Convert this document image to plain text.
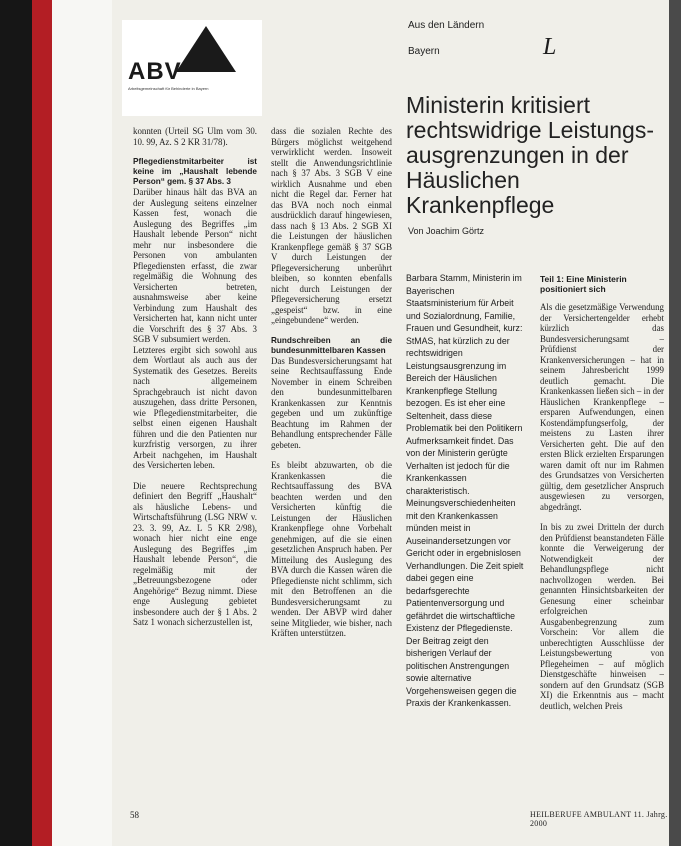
ABV
Arbeitsgemeinschaft für Behinderte in Bayern

konnten (Urteil SG Ulm vom 30. 10. 99, Az. S 2 KR 31/78).

Pflegedienstmitarbeiter ist keine im „Haushalt lebende Person“ gem. § 37 Abs. 3

Darüber hinaus hält das BVA an der Auslegung seitens einzelner Kassen fest, wonach die Auslegung des Begriffes „im Haushalt lebende Person“ nicht mehr nur insbesondere die Personen von ambulanten Pflegediensten erfasst, die zwar regelmäßig die Wohnung des Versicherten betreten, ausnahmsweise aber keine Verbindung zum Haushalt des Versicherten hat, kann nicht unter die Vorschrift des § 37 Abs. 3 SGB V subsumiert werden.

Letzteres ergibt sich sowohl aus dem Wortlaut als auch aus der Systematik des Gesetzes. Bereits nach allgemeinem Sprachgebrauch ist nicht davon auszugehen, dass dritte Personen, wie Pflegedienstmitarbeiter, die selbst einen eigenen Haushalt führen und die den Patienten nur kurzfristig versorgen, zu ihrer Arbeit nachgehen, im Haushalt des Versicherten leben.

Die neuere Rechtsprechung definiert den Begriff „Haushalt“ als häusliche Lebens- und Wirtschaftsführung (LSG NRW v. 23. 3. 99, Az. L 5 KR 2/98), wonach hier nicht eine enge Auslegung des Begriffes „im Haushalt lebende Person“, die regelmäßig mit der „Betreuungsbezogene oder Angehörige“ Bezug nimmt. Diese enge Auslegung gebietet insbesondere auch der § 1 Abs. 2 Satz 1 wonach sicherzustellen ist,

dass die sozialen Rechte des Bürgers möglichst weitgehend verwirklicht werden. Insoweit stellt die Anwendungsrichtlinie nach § 37 Abs. 3 SGB V eine wirklich Ausnahme und eben nicht die Regel dar. Ferner hat das BVA noch noch einmal ausdrücklich darauf hingewiesen, dass nach § 13 Abs. 2 SGB XI die Leistungen der häuslichen Krankenpflege gemäß § 37 SGB V durch Leistungen der Pflegeversicherung unberührt bleiben, so konnten ebenfalls nicht durch Leistungen der Pflegeversicherung ersetzt „gespeist“ bzw. in eine „eingebundene“ werden.

Rundschreiben an die bundesunmittelbaren Kassen

Das Bundesversicherungsamt hat seine Rechtsauffassung Ende November in einem Schreiben den bundesunmittelbaren Krankenkassen zur Kenntnis gegeben und um zukünftige Beachtung im Rahmen der Behandlung entsprechender Fälle gebeten.

Es bleibt abzuwarten, ob die Krankenkassen die Rechtsauffassung des BVA beachten werden und den Versicherten künftig die Leistungen der Häuslichen Krankenpflege ohne Vorbehalt genehmigen, auf die sie einen gesetzlichen Anspruch haben. Per Mitteilung des Auslegung des BVA durch die Kassen wären die Pflegedienste nicht schlimm, sich mit den Betroffenen an die Bundesversicherungsamt zu wenden. Der ABVP wird daher seine Mitglieder, wie bisher, nach Kräften unterstützen.

Aus den Ländern
Bayern	L
Ministerin kritisiert rechtswidrige Leistungs-ausgrenzungen in der Häuslichen Krankenpflege
Von Joachim Görtz

Barbara Stamm, Ministerin im Bayerischen Staatsministerium für Arbeit und Sozialordnung, Familie, Frauen und Gesundheit, kurz: StMAS, hat kürzlich zu der rechtswidrigen Leistungsausgrenzung im Bereich der Häuslichen Krankenpflege Stellung bezogen. Es ist eher eine Seltenheit, dass diese Problematik bei den Politikern Aufmerksamkeit findet. Das von der Ministerin gerügte Verhalten ist jedoch für die Krankenkassen charakteristisch. Meinungsverschiedenheiten mit den Krankenkassen münden meist in Auseinandersetzungen vor Gericht oder in ergebnislosen Verhandlungen. Die Zeit spielt dabei gegen eine bedarfsgerechte Patientenversorgung und gefährdet die wirtschaftliche Existenz der Pflegedienste. Der Beitrag zeigt den bisherigen Verlauf der politischen Anstrengungen sowie alternative Vorgehensweisen gegen die Praxis der Krankenkassen.

Teil 1: Eine Ministerin positioniert sich

Als die gesetzmäßige Verwendung der Versichertengelder erhebt kürzlich das Bundesversicherungsamt – Prüfdienst der Krankenversicherungen – hat in seinem Jahresbericht 1999 deutlich gemacht. Die Krankenkassen ließen sich – in der Häuslichen Krankenpflege – ersparen Aufwendungen, einen Kostendämpfungserfolg, der meistens zu Lasten ihrer Versicherten geht. Die auf den ersten Blick erzielten Ersparungen waren damit oft nur im Rahmen des Grundsatzes von Versicherten gültig, dem gesetzlicher Anspruch ausgewiesen zu versorgen, abgedrängt.

In bis zu zwei Dritteln der durch den Prüfdienst beanstandeten Fälle konnte die Verweigerung der Notwendigkeit der Behandlungspflege nicht nachvollzogen werden. Bei genannten Hinsichtsbarkeiten der Genesung einer scheinbar erfolgreichen Ausgabenbegrenzung zum Vorschein: Vor allem die unberechtigten Ausschlüsse der Leistungsbewertung von Pflegeheimen – auf möglich Dienstgeschäfte hinweisen – sondern auf den Grundsatz (SGB XI) die Erkenntnis aus – macht deutlich, welchen Preis

58	HEILBERUFE AMBULANT 11. Jahrg. 2000
